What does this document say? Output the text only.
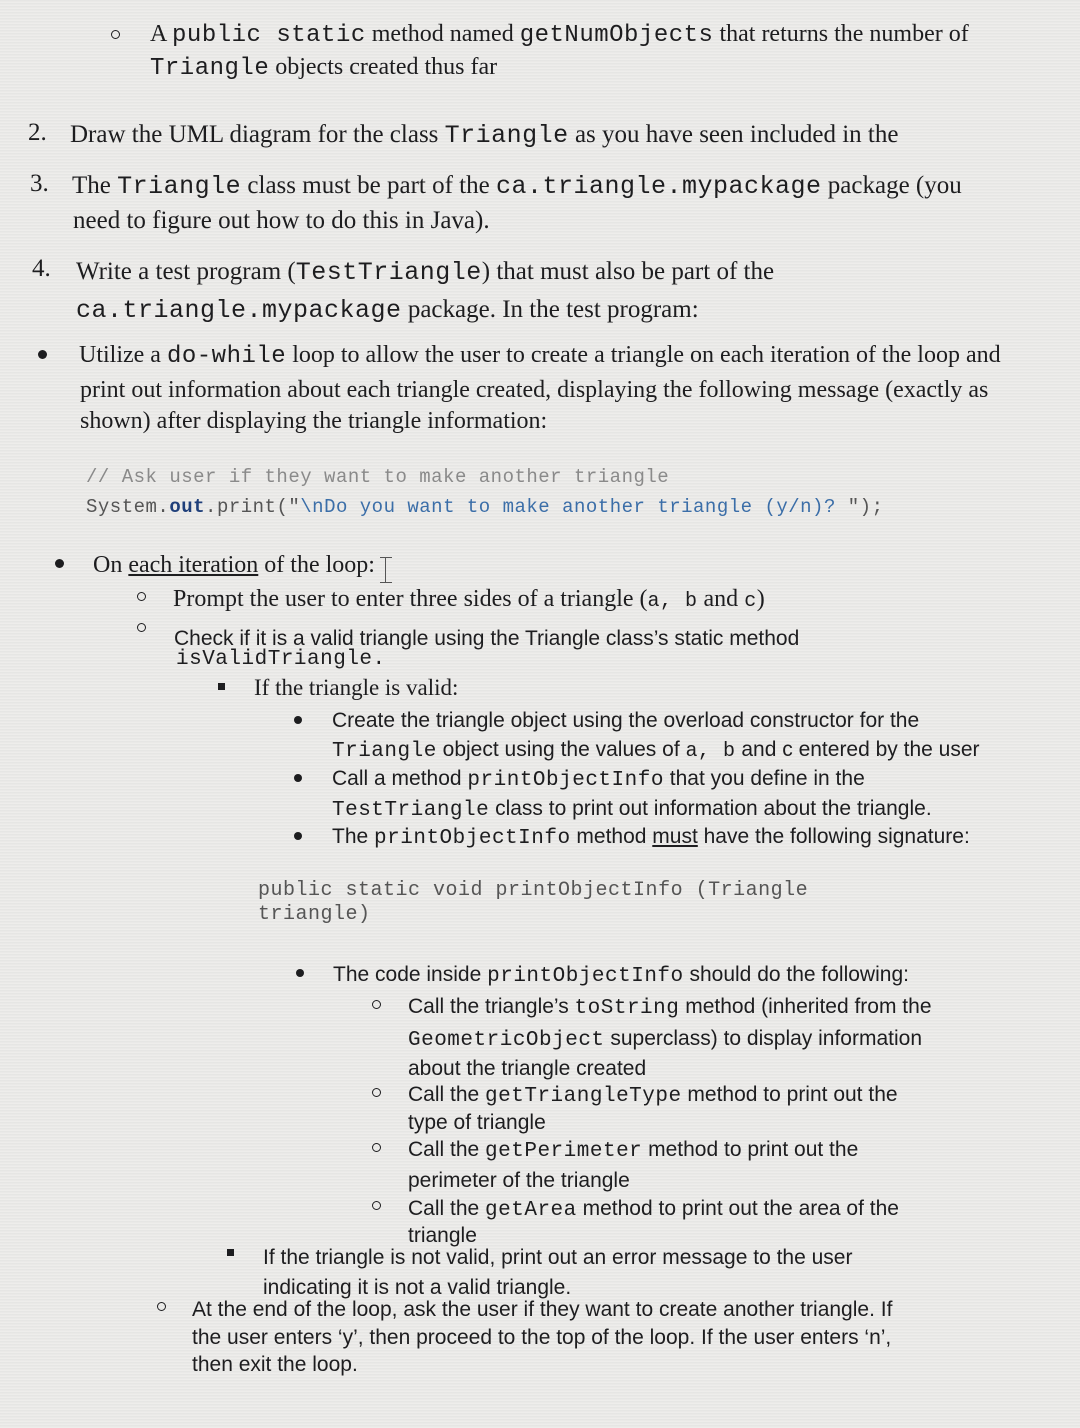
A public static method named getNumObjects that returns the number of
Triangle objects created thus far
2. Draw the UML diagram for the class Triangle as you have seen included in the
3. The Triangle class must be part of the ca.triangle.mypackage package (you
need to figure out how to do this in Java).
4. Write a test program (TestTriangle) that must also be part of the
ca.triangle.mypackage package. In the test program:
Utilize a do-while loop to allow the user to create a triangle on each iteration of the loop and
print out information about each triangle created, displaying the following message (exactly as
shown) after displaying the triangle information:
// Ask user if they want to make another triangle
System.out.print("\nDo you want to make another triangle (y/n)? ");
On each iteration of the loop:
Prompt the user to enter three sides of a triangle (a, b and c)
Check if it is a valid triangle using the Triangle class’s static method
isValidTriangle.
If the triangle is valid:
Create the triangle object using the overload constructor for the
Triangle object using the values of a, b and c entered by the user
Call a method printObjectInfo that you define in the
TestTriangle class to print out information about the triangle.
The printObjectInfo method must have the following signature:
public static void printObjectInfo (Triangle
triangle)
The code inside printObjectInfo should do the following:
Call the triangle’s toString method (inherited from the
GeometricObject superclass) to display information
about the triangle created
Call the getTriangleType method to print out the
type of triangle
Call the getPerimeter method to print out the
perimeter of the triangle
Call the getArea method to print out the area of the
triangle
If the triangle is not valid, print out an error message to the user
indicating it is not a valid triangle.
At the end of the loop, ask the user if they want to create another triangle. If
the user enters ‘y’, then proceed to the top of the loop. If the user enters ‘n’,
then exit the loop.
